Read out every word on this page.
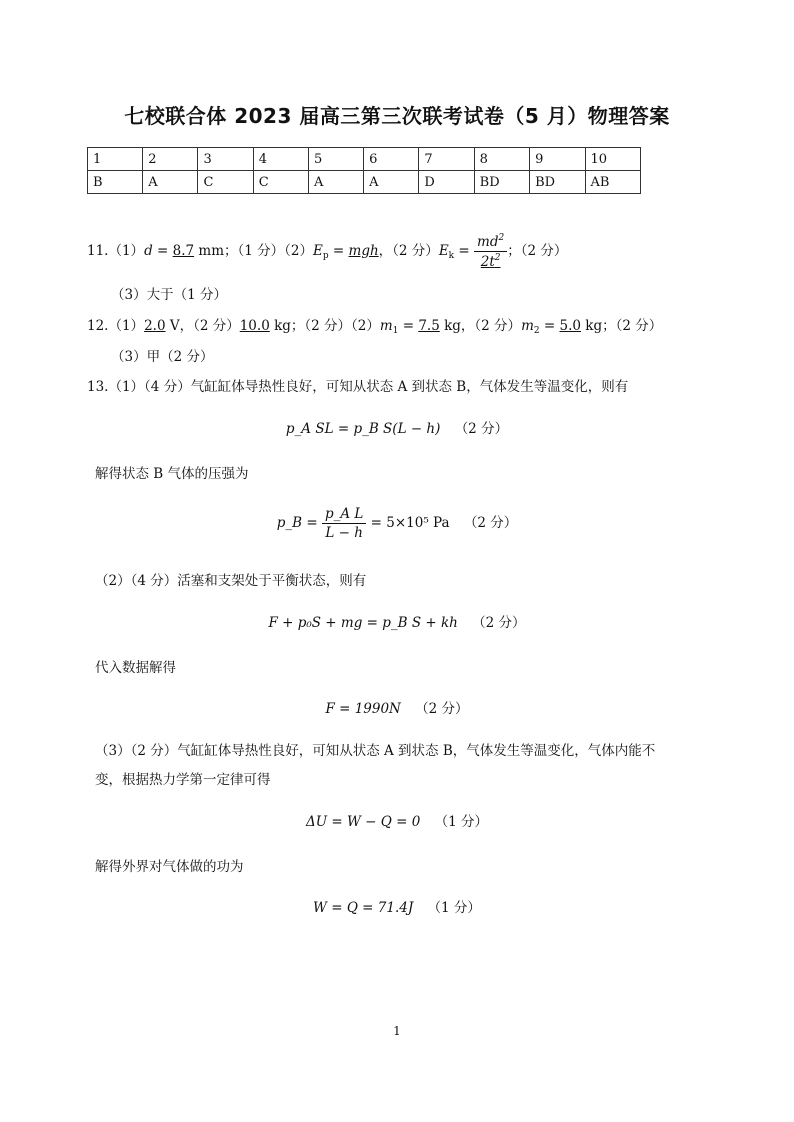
七校联合体 2023 届高三第三次联考试卷（5 月）物理答案
1	2	3	4	5	6	7	8	9	10
B	A	C	C	A	A	D	BD	BD	AB
11.（1）d = 8.7 mm；（1 分）$(2)E_p$ = mgh，（2 分）$E_k = \frac{md^2}{2t^2}$ ；（2 分）
（3）大于（1 分）
12.（1）2.0 V，（2 分）10.0 kg；（2 分）$(2)m_1 = 7.5$ kg，（2 分）$m_2 = 5.0$ kg；（2 分）
（3）甲（2 分）
13.（1）（4 分）气缸缸体导热性良好，可知从状态 A 到状态 B，气体发生等温变化，则有
p_A SL = p_B S(L − h) （2 分）
解得状态 B 气体的压强为
p_B = $\frac{\text{p\_A L}}{L - h} = 5\times 10^5$ Pa （2 分）
（2）（4 分）活塞和支架处于平衡状态，则有
F + p₀S + mg = p_B S + kh （2 分）
代入数据解得
F = 1990N （2 分）
（3）（2 分）气缸缸体导热性良好，可知从状态 A 到状态 B，气体发生等温变化，气体内能不
变，根据热力学第一定律可得
ΔU = W − Q = 0 （1 分）
解得外界对气体做的功为
W = Q = 71.4J （1 分）
1
